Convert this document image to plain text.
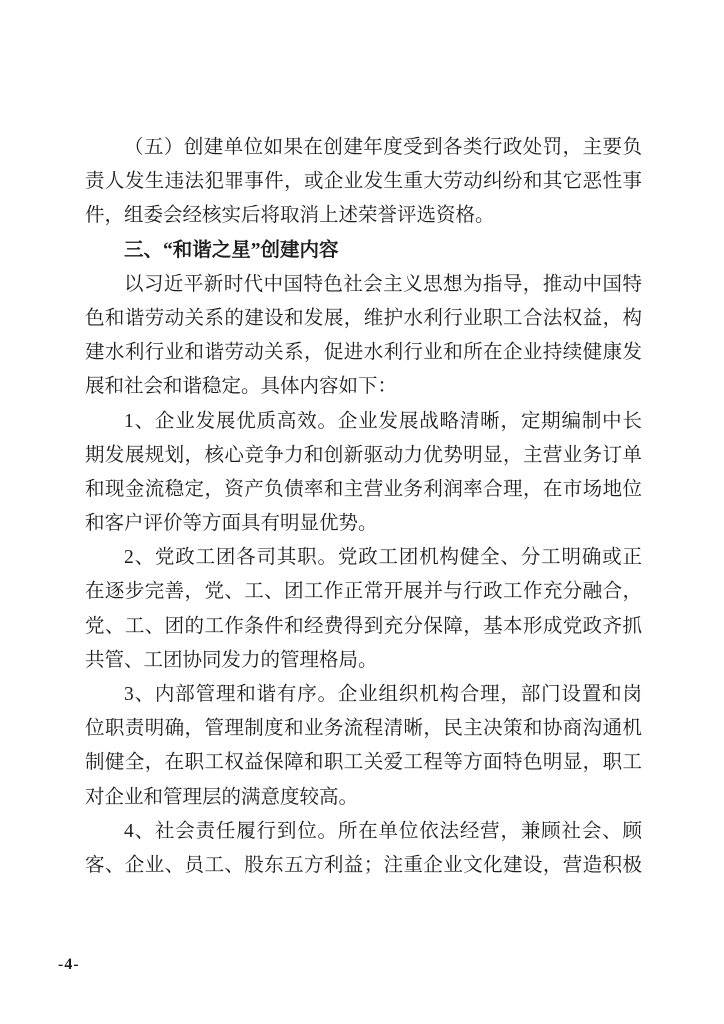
（五）创建单位如果在创建年度受到各类行政处罚，主要负
责人发生违法犯罪事件，或企业发生重大劳动纠纷和其它恶性事
件，组委会经核实后将取消上述荣誉评选资格。
三、“和谐之星”创建内容
以习近平新时代中国特色社会主义思想为指导，推动中国特
色和谐劳动关系的建设和发展，维护水利行业职工合法权益，构
建水利行业和谐劳动关系，促进水利行业和所在企业持续健康发
展和社会和谐稳定。具体内容如下：
1、企业发展优质高效。企业发展战略清晰，定期编制中长
期发展规划，核心竞争力和创新驱动力优势明显，主营业务订单
和现金流稳定，资产负债率和主营业务利润率合理，在市场地位
和客户评价等方面具有明显优势。
2、党政工团各司其职。党政工团机构健全、分工明确或正
在逐步完善，党、工、团工作正常开展并与行政工作充分融合，
党、工、团的工作条件和经费得到充分保障，基本形成党政齐抓
共管、工团协同发力的管理格局。
3、内部管理和谐有序。企业组织机构合理，部门设置和岗
位职责明确，管理制度和业务流程清晰，民主决策和协商沟通机
制健全，在职工权益保障和职工关爱工程等方面特色明显，职工
对企业和管理层的满意度较高。
4、社会责任履行到位。所在单位依法经营，兼顾社会、顾
客、企业、员工、股东五方利益；注重企业文化建设，营造积极
-4-
